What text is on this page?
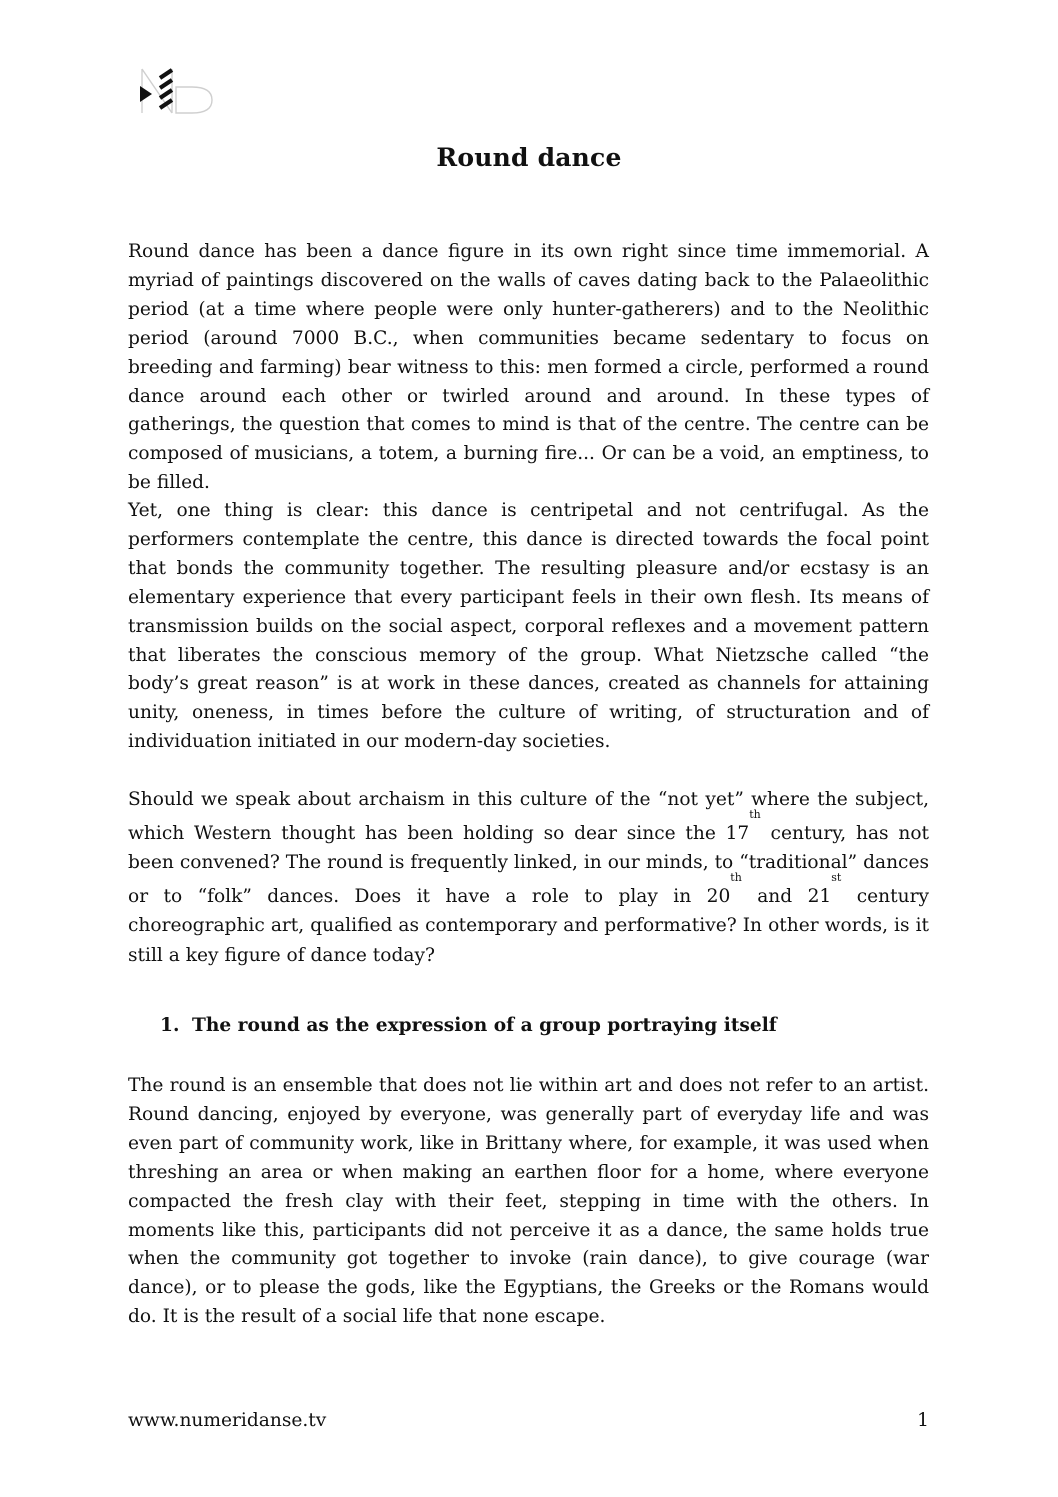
Round dance

Round dance has been a dance figure in its own right since time immemorial. A myriad of paintings discovered on the walls of caves dating back to the Palaeolithic period (at a time where people were only hunter-gatherers) and to the Neolithic period (around 7000 B.C., when communities became sedentary to focus on breeding and farming) bear witness to this: men formed a circle, performed a round dance around each other or twirled around and around. In these types of gatherings, the question that comes to mind is that of the centre. The centre can be composed of musicians, a totem, a burning fire... Or can be a void, an emptiness, to be filled.

Yet, one thing is clear: this dance is centripetal and not centrifugal. As the performers contemplate the centre, this dance is directed towards the focal point that bonds the community together. The resulting pleasure and/or ecstasy is an elementary experience that every participant feels in their own flesh. Its means of transmission builds on the social aspect, corporal reflexes and a movement pattern that liberates the conscious memory of the group. What Nietzsche called “the body’s great reason” is at work in these dances, created as channels for attaining unity, oneness, in times before the culture of writing, of structuration and of individuation initiated in our modern-day societies.

Should we speak about archaism in this culture of the “not yet” where the subject, which Western thought has been holding so dear since the 17th century, has not been convened? The round is frequently linked, in our minds, to “traditional” dances or to “folk” dances. Does it have a role to play in 20th and 21st century choreographic art, qualified as contemporary and performative? In other words, is it still a key figure of dance today?

1. The round as the expression of a group portraying itself

The round is an ensemble that does not lie within art and does not refer to an artist. Round dancing, enjoyed by everyone, was generally part of everyday life and was even part of community work, like in Brittany where, for example, it was used when threshing an area or when making an earthen floor for a home, where everyone compacted the fresh clay with their feet, stepping in time with the others. In moments like this, participants did not perceive it as a dance, the same holds true when the community got together to invoke (rain dance), to give courage (war dance), or to please the gods, like the Egyptians, the Greeks or the Romans would do. It is the result of a social life that none escape.

www.numeridanse.tv	1
